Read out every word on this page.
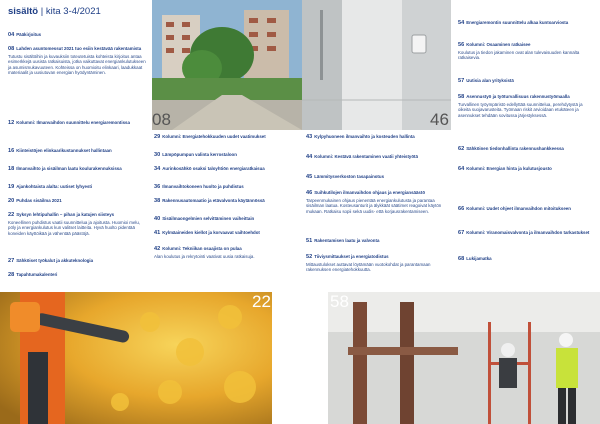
sisältö | kita 3-4/2021
08	46
22	58
04 Pääkirjoitus
08 Lahden asuntomessut 2021 tuo esiin kestävää rakentamista
Tutustu sisältöihin ja kuvauksiin toteutetuista kohteista kirjoitus antaa esimerkkejä uusista ratkaisuista, jotka vaikuttavat energiankulutukseen ja asumismukavuuteen. Kohteissa on huomioitu elinkaari, laadukkaat materiaalit ja uusiutuvan energian hyödyntäminen.
12 Kolumni: Ilmanvaihdon suunnittelu energiaremontissa
16 Kiinteistöjen elinkaarikustannukset hallintaan
18 Ilmanvaihto ja sisäilman laatu koulurakennuksissa
19 Ajankohtaista alalta: uutiset lyhyesti
20 Puhdas sisäilma 2021
22 Syksyn lehtipuhallin – pihan ja katujen siisteys
Koneellinen puhdistus vaatii suunnittelua ja ajoitusta. Huomioi melu, pöly ja energiankulutus kun valitset laitteita. Hyvä huolto pidentää koneiden käyttöikää ja vähentää päästöjä.
27 Sähköiset työkalut ja akkuteknologia
28 Tapahtumakalenteri
29 Kolumni: Energiatehokkuuden uudet vaatimukset
30 Lämpöpumpun valinta kerrostaloon
34 Aurinkosähkö osaksi taloyhtiön energiaratkaisua
36 Ilmanvaihtokoneen huolto ja puhdistus
38 Rakennusautomaatio ja etävalvonta käytännössä
40 Sisäilmaongelmien selvittäminen vaiheittain
41 Kylmäaineiden kiellot ja korvaavat vaihtoehdot
42 Kolumni: Tekniikan osaajista on pulaa
Alan koulutus ja rekrytointi vaativat uusia ratkaisuja.
43 Kylpyhuoneen ilmanvaihto ja kosteuden hallinta
44 Kolumni: Kestävä rakentaminen vaatii yhteistyötä
45 Lämmitysverkoston tasapainotus
46 Suihkutilojen ilmanvaihdon ohjaus ja energiansäästö
Tarpeenmukainen ohjaus pienentää energiankulutusta ja parantaa sisäilman laatua. Kosteusanturit ja älykkäät säätimet reagoivat käytön mukaan. Ratkaisu sopii sekä uudis- että korjausrakentamiseen.
51 Rakentamisen laatu ja valvonta
52 Tiiviysmittaukset ja energiatodistus
Mittaustulokset auttavat löytämään vuotokohdat ja parantamaan rakennuksen energiatehokkuutta.
54 Energiaremontin suunnittelu alkaa kuntoarviosta
56 Kolumni: Osaaminen ratkaisee
Koulutus ja tiedon jakaminen ovat alan tulevaisuuden kannalta ratkaisevia.
57 Uutisia alan yrityksistä
58 Asennustyö ja työturvallisuus rakennustyömaalla
Turvallinen työympäristö edellyttää suunnittelua, perehdytystä ja oikeita suojavarusteita. Työmaan riskit arvioidaan etukäteen ja asennukset tehdään sovitussa järjestyksessä.
62 Sähköinen tiedonhallinta rakennushankkeessa
64 Kolumni: Energian hinta ja kulutusjousto
66 Kolumni: Uudet ohjeet ilmanvaihdon mitoitukseen
67 Kolumni: Viranomaisvalvonta ja ilmanvaihdon tarkastukset
68 Lukijamatka
